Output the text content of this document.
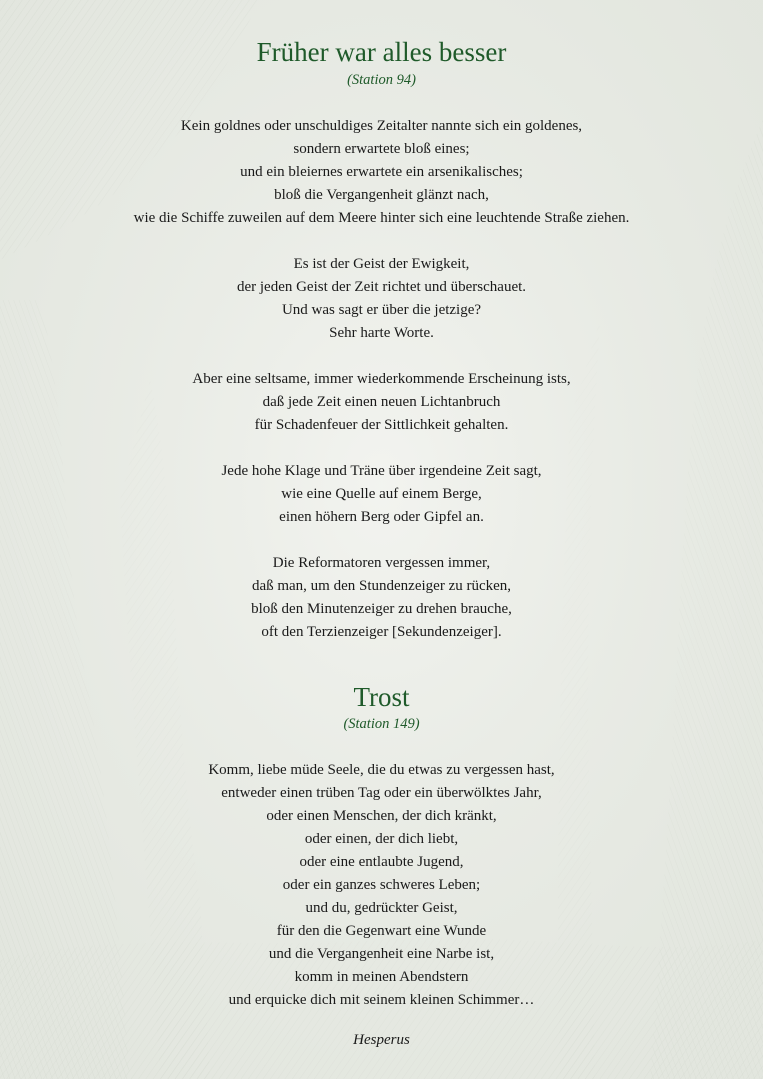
Früher war alles besser

(Station 94)

Kein goldnes oder unschuldiges Zeitalter nannte sich ein goldenes,
sondern erwartete bloß eines;
und ein bleiernes erwartete ein arsenikalisches;
bloß die Vergangenheit glänzt nach,
wie die Schiffe zuweilen auf dem Meere hinter sich eine leuchtende Straße ziehen.
Es ist der Geist der Ewigkeit,
der jeden Geist der Zeit richtet und überschauet.
Und was sagt er über die jetzige?
Sehr harte Worte.
Aber eine seltsame, immer wiederkommende Erscheinung ists,
daß jede Zeit einen neuen Lichtanbruch
für Schadenfeuer der Sittlichkeit gehalten.
Jede hohe Klage und Träne über irgendeine Zeit sagt,
wie eine Quelle auf einem Berge,
einen höhern Berg oder Gipfel an.
Die Reformatoren vergessen immer,
daß man, um den Stundenzeiger zu rücken,
bloß den Minutenzeiger zu drehen brauche,
oft den Terzienzeiger [Sekundenzeiger].
Trost

(Station 149)

Komm, liebe müde Seele, die du etwas zu vergessen hast,
entweder einen trüben Tag oder ein überwölktes Jahr,
oder einen Menschen, der dich kränkt,
oder einen, der dich liebt,
oder eine entlaubte Jugend,
oder ein ganzes schweres Leben;
und du, gedrückter Geist,
für den die Gegenwart eine Wunde
und die Vergangenheit eine Narbe ist,
komm in meinen Abendstern
und erquicke dich mit seinem kleinen Schimmer…
Hesperus
